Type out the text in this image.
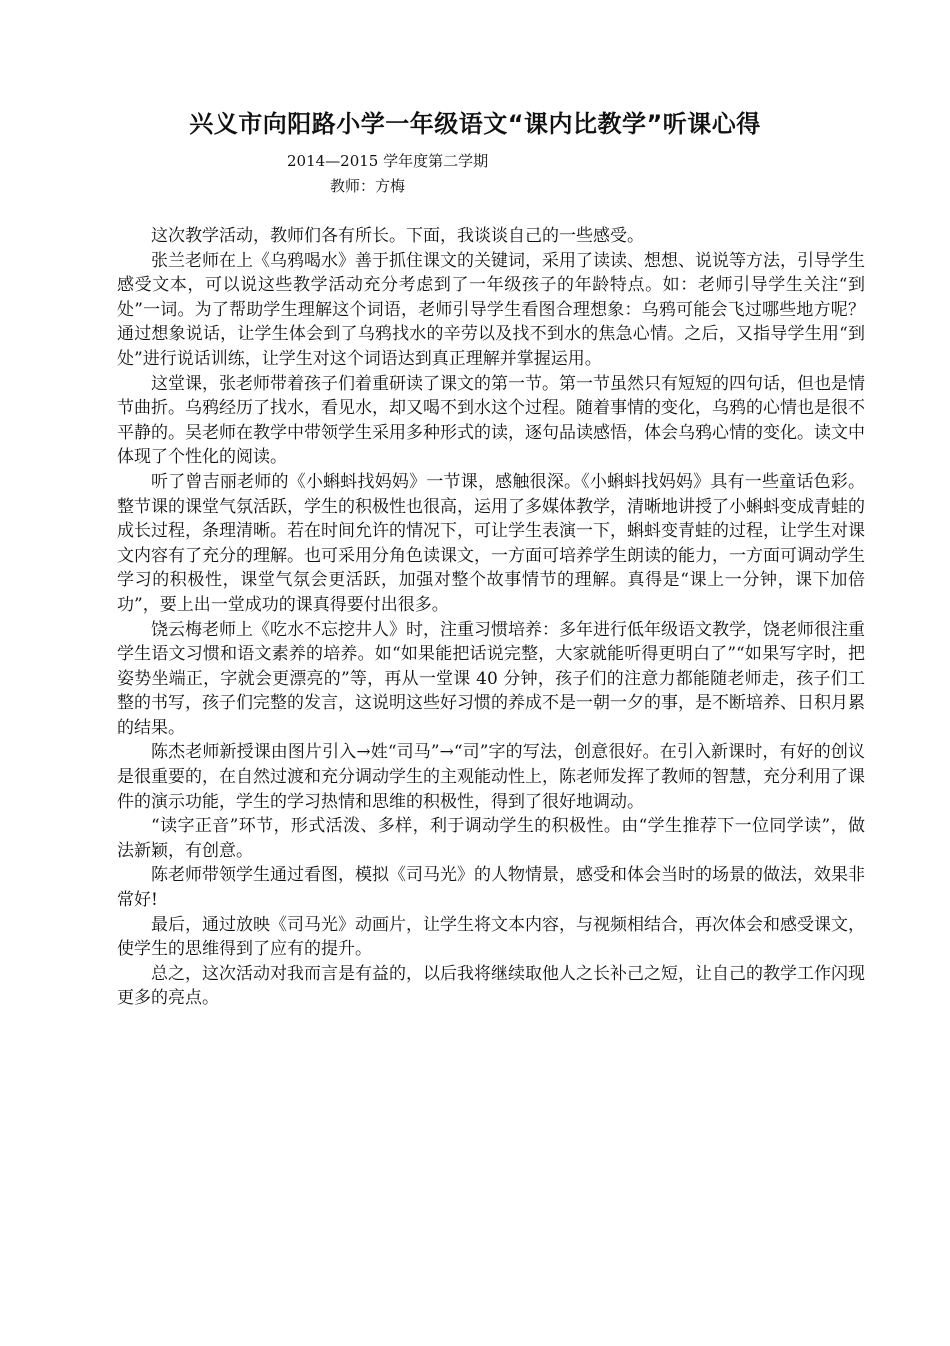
兴义市向阳路小学一年级语文“课内比教学”听课心得

2014—2015 学年度第二学期

教师：方梅

这次教学活动，教师们各有所长。下面，我谈谈自己的一些感受。

张兰老师在上《乌鸦喝水》善于抓住课文的关键词，采用了读读、想想、说说等方法，引导学生感受文本，可以说这些教学活动充分考虑到了一年级孩子的年龄特点。如：老师引导学生关注“到处”一词。为了帮助学生理解这个词语，老师引导学生看图合理想象：乌鸦可能会飞过哪些地方呢？通过想象说话，让学生体会到了乌鸦找水的辛劳以及找不到水的焦急心情。之后，又指导学生用“到处”进行说话训练，让学生对这个词语达到真正理解并掌握运用。

这堂课，张老师带着孩子们着重研读了课文的第一节。第一节虽然只有短短的四句话，但也是情节曲折。乌鸦经历了找水，看见水，却又喝不到水这个过程。随着事情的变化，乌鸦的心情也是很不平静的。吴老师在教学中带领学生采用多种形式的读，逐句品读感悟，体会乌鸦心情的变化。读文中体现了个性化的阅读。

听了曾吉丽老师的《小蝌蚪找妈妈》一节课，感触很深。《小蝌蚪找妈妈》具有一些童话色彩。整节课的课堂气氛活跃，学生的积极性也很高，运用了多媒体教学，清晰地讲授了小蝌蚪变成青蛙的成长过程，条理清晰。若在时间允许的情况下，可让学生表演一下，蝌蚪变青蛙的过程，让学生对课文内容有了充分的理解。也可采用分角色读课文，一方面可培养学生朗读的能力，一方面可调动学生学习的积极性，课堂气氛会更活跃，加强对整个故事情节的理解。真得是“课上一分钟，课下加倍功”，要上出一堂成功的课真得要付出很多。

饶云梅老师上《吃水不忘挖井人》时，注重习惯培养：多年进行低年级语文教学，饶老师很注重学生语文习惯和语文素养的培养。如“如果能把话说完整，大家就能听得更明白了”“如果写字时，把姿势坐端正，字就会更漂亮的”等，再从一堂课 40 分钟，孩子们的注意力都能随老师走，孩子们工整的书写，孩子们完整的发言，这说明这些好习惯的养成不是一朝一夕的事，是不断培养、日积月累的结果。

陈杰老师新授课由图片引入→姓“司马”→“司”字的写法，创意很好。在引入新课时，有好的创议是很重要的，在自然过渡和充分调动学生的主观能动性上，陈老师发挥了教师的智慧，充分利用了课件的演示功能，学生的学习热情和思维的积极性，得到了很好地调动。

“读字正音”环节，形式活泼、多样，利于调动学生的积极性。由“学生推荐下一位同学读”，做法新颖，有创意。

陈老师带领学生通过看图，模拟《司马光》的人物情景，感受和体会当时的场景的做法，效果非常好!

最后，通过放映《司马光》动画片，让学生将文本内容，与视频相结合，再次体会和感受课文，使学生的思维得到了应有的提升。

总之，这次活动对我而言是有益的，以后我将继续取他人之长补己之短，让自己的教学工作闪现更多的亮点。
